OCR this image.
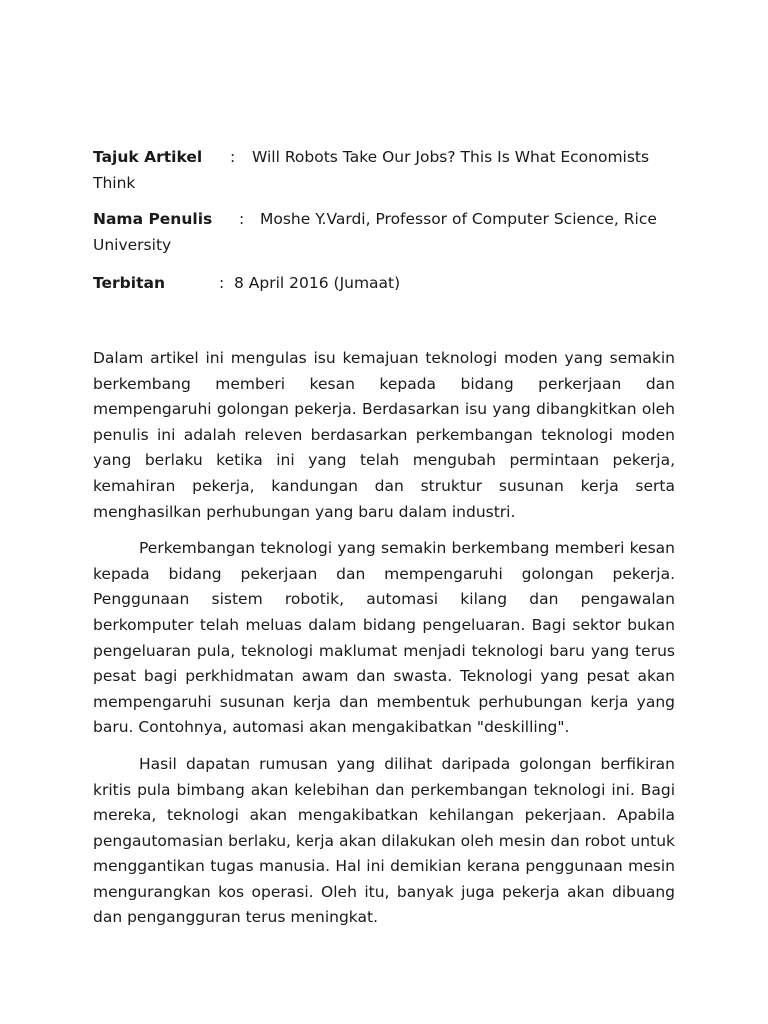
Tajuk Artikel	:	Will Robots Take Our Jobs? This Is What Economists
Think
Nama Penulis	:	Moshe Y.Vardi, Professor of Computer Science, Rice
University
Terbitan	: 8 April 2016 (Jumaat)

Dalam artikel ini mengulas isu kemajuan teknologi moden yang semakin berkembang memberi kesan kepada bidang perkerjaan dan mempengaruhi golongan pekerja. Berdasarkan isu yang dibangkitkan oleh penulis ini adalah releven berdasarkan perkembangan teknologi moden yang berlaku ketika ini yang telah mengubah permintaan pekerja, kemahiran pekerja, kandungan dan struktur susunan kerja serta menghasilkan perhubungan yang baru dalam industri.

Perkembangan teknologi yang semakin berkembang memberi kesan kepada bidang pekerjaan dan mempengaruhi golongan pekerja. Penggunaan sistem robotik, automasi kilang dan pengawalan berkomputer telah meluas dalam bidang pengeluaran. Bagi sektor bukan pengeluaran pula, teknologi maklumat menjadi teknologi baru yang terus pesat bagi perkhidmatan awam dan swasta. Teknologi yang pesat akan mempengaruhi susunan kerja dan membentuk perhubungan kerja yang baru. Contohnya, automasi akan mengakibatkan "deskilling".

Hasil dapatan rumusan yang dilihat daripada golongan berfikiran kritis pula bimbang akan kelebihan dan perkembangan teknologi ini. Bagi mereka, teknologi akan mengakibatkan kehilangan pekerjaan. Apabila pengautomasian berlaku, kerja akan dilakukan oleh mesin dan robot untuk menggantikan tugas manusia. Hal ini demikian kerana penggunaan mesin mengurangkan kos operasi. Oleh itu, banyak juga pekerja akan dibuang dan pengangguran terus meningkat.
